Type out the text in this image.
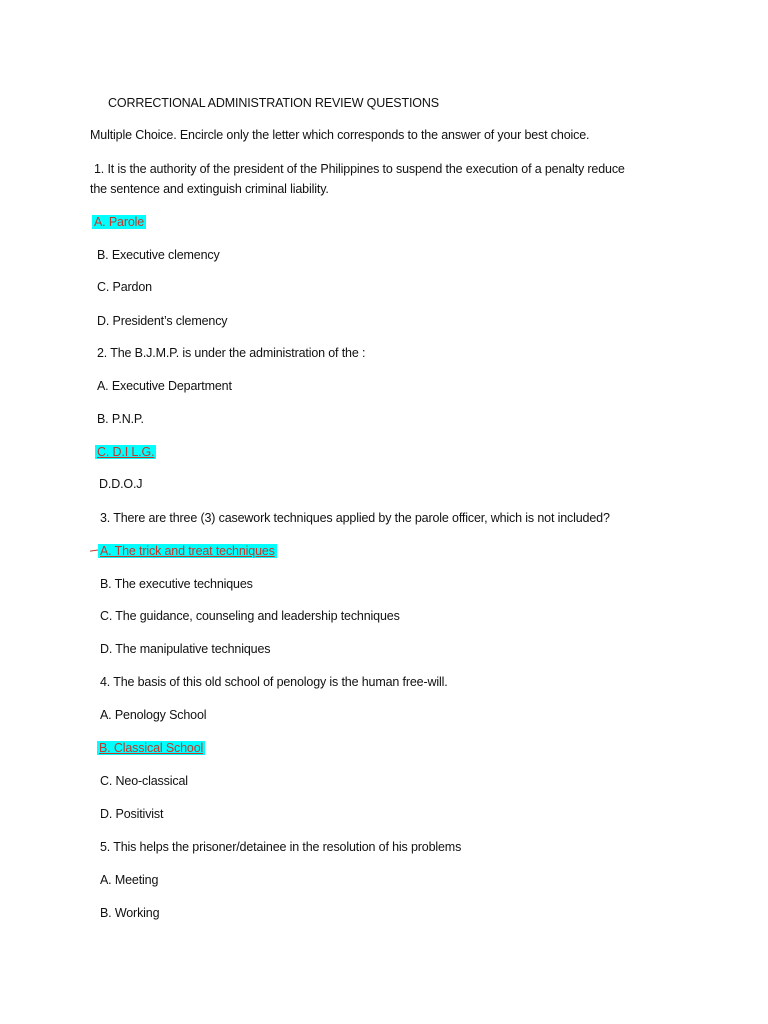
CORRECTIONAL ADMINISTRATION REVIEW QUESTIONS
Multiple Choice. Encircle only the letter which corresponds to the answer of your best choice.
1. It is the authority of the president of the Philippines to suspend the execution of a penalty reduce
the sentence and extinguish criminal liability.
A. Parole
B. Executive clemency
C. Pardon
D. President’s clemency
2. The B.J.M.P. is under the administration of the :
A. Executive Department
B. P.N.P.
C. D.I L.G.
D.D.O.J
3. There are three (3) casework techniques applied by the parole officer, which is not included?
A. The trick and treat techniques
B. The executive techniques
C. The guidance, counseling and leadership techniques
D. The manipulative techniques
4. The basis of this old school of penology is the human free-will.
A. Penology School
B. Classical School
C. Neo-classical
D. Positivist
5. This helps the prisoner/detainee in the resolution of his problems
A. Meeting
B. Working
